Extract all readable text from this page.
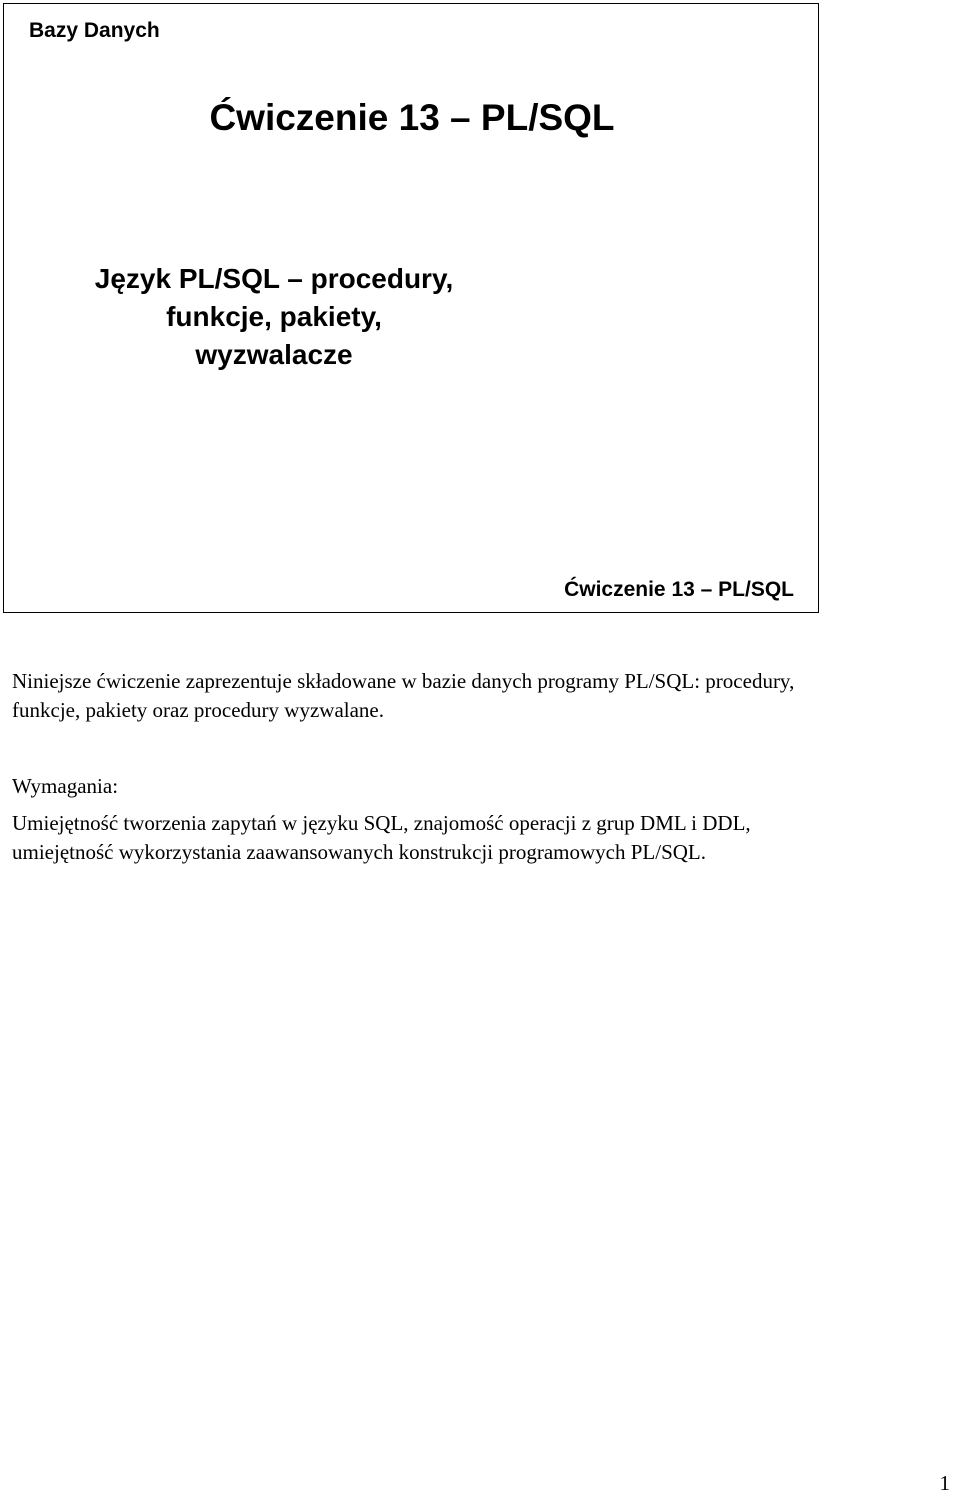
Bazy Danych

Ćwiczenie 13 – PL/SQL
Język PL/SQL – procedury,
funkcje, pakiety,
wyzwalacze

Ćwiczenie 13 – PL/SQL

Niniejsze ćwiczenie zaprezentuje składowane w bazie danych programy PL/SQL: procedury, funkcje, pakiety oraz procedury wyzwalane.

Wymagania:

Umiejętność tworzenia zapytań w języku SQL, znajomość operacji z grup DML i DDL, umiejętność wykorzystania zaawansowanych konstrukcji programowych PL/SQL.

1
